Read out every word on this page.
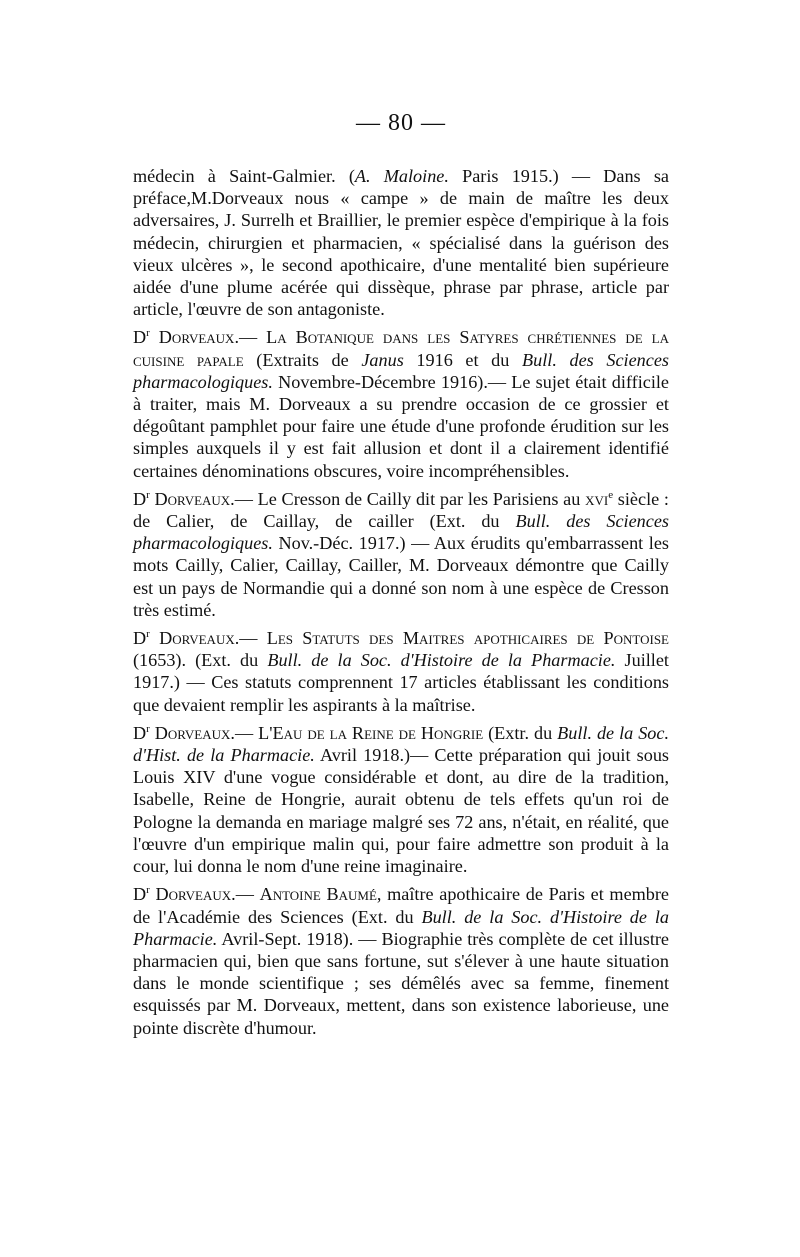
— 80 —

médecin à Saint-Galmier. (A. Maloine. Paris 1915.) — Dans sa préface,M.Dorveaux nous « campe » de main de maître les deux adversaires, J. Surrelh et Braillier, le premier espèce d'empirique à la fois médecin, chirurgien et pharmacien, « spécialisé dans la guérison des vieux ulcères », le second apothicaire, d'une mentalité bien supérieure aidée d'une plume acérée qui dissèque, phrase par phrase, article par article, l'œuvre de son antagoniste.

$D^r$ Dorveaux.— La Botanique dans les Satyres chrétiennes de la cuisine papale (Extraits de Janus 1916 et du Bull. des Sciences pharmacologiques. Novembre-Décembre 1916).— Le sujet était difficile à traiter, mais M. Dorveaux a su prendre occasion de ce grossier et dégoûtant pamphlet pour faire une étude d'une profonde érudition sur les simples auxquels il y est fait allusion et dont il a clairement identifié certaines dénominations obscures, voire incompréhensibles.

$D^r$ Dorveaux.— Le Cresson de Cailly dit par les Parisiens au xvi$^e$ siècle : de Calier, de Caillay, de cailler (Ext. du Bull. des Sciences pharmacologiques. Nov.-Déc. 1917.) — Aux érudits qu'embarrassent les mots Cailly, Calier, Caillay, Cailler, M. Dorveaux démontre que Cailly est un pays de Normandie qui a donné son nom à une espèce de Cresson très estimé.

$D^r$ Dorveaux.— Les Statuts des Maitres apothicaires de Pontoise (1653). (Ext. du Bull. de la Soc. d'Histoire de la Pharmacie. Juillet 1917.) — Ces statuts comprennent 17 articles établissant les conditions que devaient remplir les aspirants à la maîtrise.

$D^r$ Dorveaux.— L'Eau de la Reine de Hongrie (Extr. du Bull. de la Soc. d'Hist. de la Pharmacie. Avril 1918.)— Cette préparation qui jouit sous Louis XIV d'une vogue considérable et dont, au dire de la tradition, Isabelle, Reine de Hongrie, aurait obtenu de tels effets qu'un roi de Pologne la demanda en mariage malgré ses 72 ans, n'était, en réalité, que l'œuvre d'un empirique malin qui, pour faire admettre son produit à la cour, lui donna le nom d'une reine imaginaire.

$D^r$ Dorveaux.— Antoine Baumé, maître apothicaire de Paris et membre de l'Académie des Sciences (Ext. du Bull. de la Soc. d'Histoire de la Pharmacie. Avril-Sept. 1918). — Biographie très complète de cet illustre pharmacien qui, bien que sans fortune, sut s'élever à une haute situation dans le monde scientifique ; ses démêlés avec sa femme, finement esquissés par M. Dorveaux, mettent, dans son existence laborieuse, une pointe discrète d'humour.
